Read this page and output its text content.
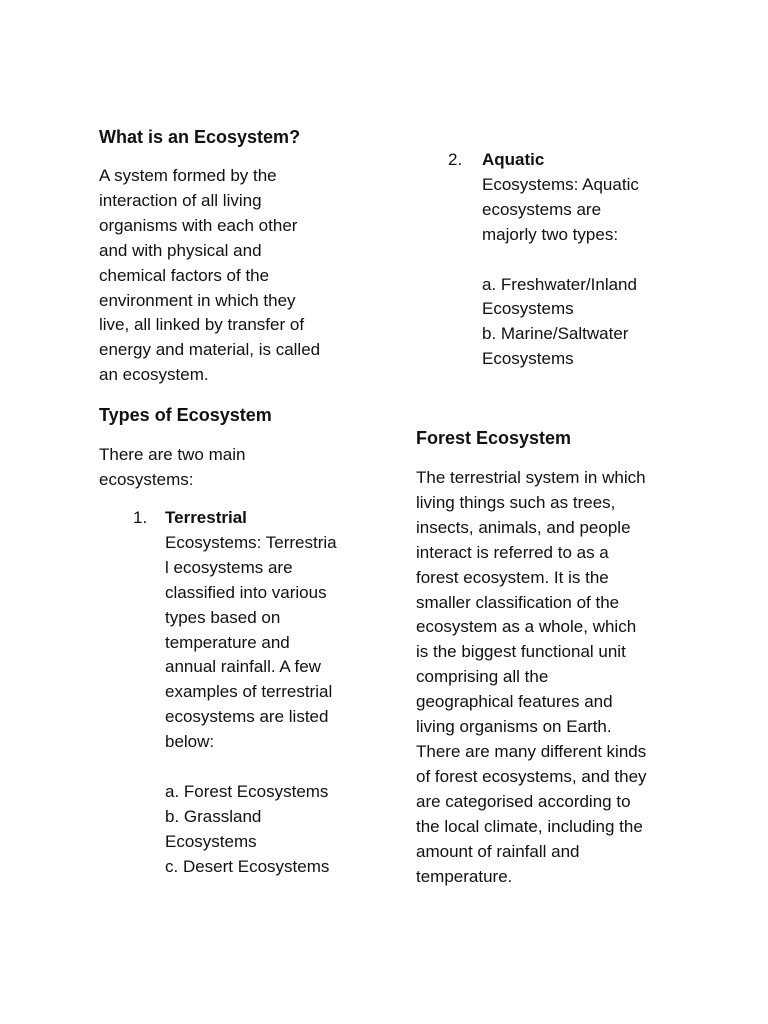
What is an Ecosystem?
A system formed by the
interaction of all living
organisms with each other
and with physical and
chemical factors of the
environment in which they
live, all linked by transfer of
energy and material, is called
an ecosystem.
Types of Ecosystem
There are two main
ecosystems:
1. Terrestrial
Ecosystems: Terrestria
l ecosystems are
classified into various
types based on
temperature and
annual rainfall. A few
examples of terrestrial
ecosystems are listed
below:
a. Forest Ecosystems
b. Grassland
Ecosystems
c. Desert Ecosystems
2. Aquatic
Ecosystems: Aquatic
ecosystems are
majorly two types:
a. Freshwater/Inland
Ecosystems
b. Marine/Saltwater
Ecosystems
Forest Ecosystem
The terrestrial system in which
living things such as trees,
insects, animals, and people
interact is referred to as a
forest ecosystem. It is the
smaller classification of the
ecosystem as a whole, which
is the biggest functional unit
comprising all the
geographical features and
living organisms on Earth.
There are many different kinds
of forest ecosystems, and they
are categorised according to
the local climate, including the
amount of rainfall and
temperature.
